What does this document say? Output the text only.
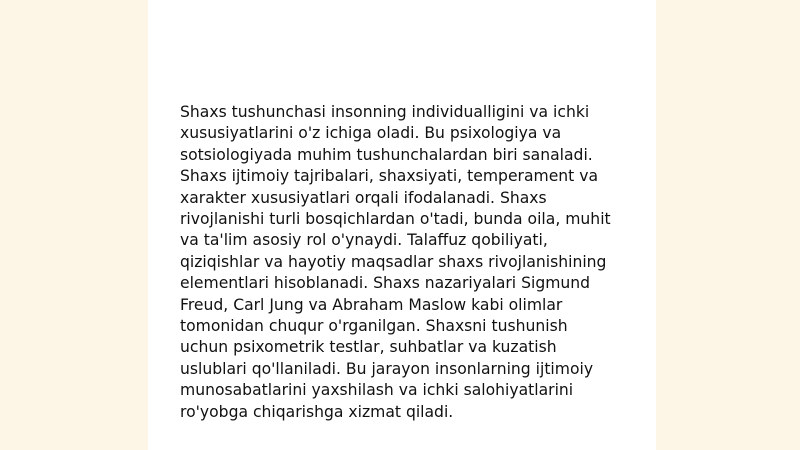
Shaxs tushunchasi insonning individualligini va ichki xususiyatlarini o'z ichiga oladi. Bu psixologiya va sotsiologiyada muhim tushunchalardan biri sanaladi. Shaxs ijtimoiy tajribalari, shaxsiyati, temperament va xarakter xususiyatlari orqali ifodalanadi. Shaxs rivojlanishi turli bosqichlardan o'tadi, bunda oila, muhit va ta'lim asosiy rol o'ynaydi. Talaffuz qobiliyati, qiziqishlar va hayotiy maqsadlar shaxs rivojlanishining elementlari hisoblanadi. Shaxs nazariyalari Sigmund Freud, Carl Jung va Abraham Maslow kabi olimlar tomonidan chuqur o'rganilgan. Shaxsni tushunish uchun psixometrik testlar, suhbatlar va kuzatish uslublari qo'llaniladi. Bu jarayon insonlarning ijtimoiy munosabatlarini yaxshilash va ichki salohiyatlarini ro'yobga chiqarishga xizmat qiladi.
